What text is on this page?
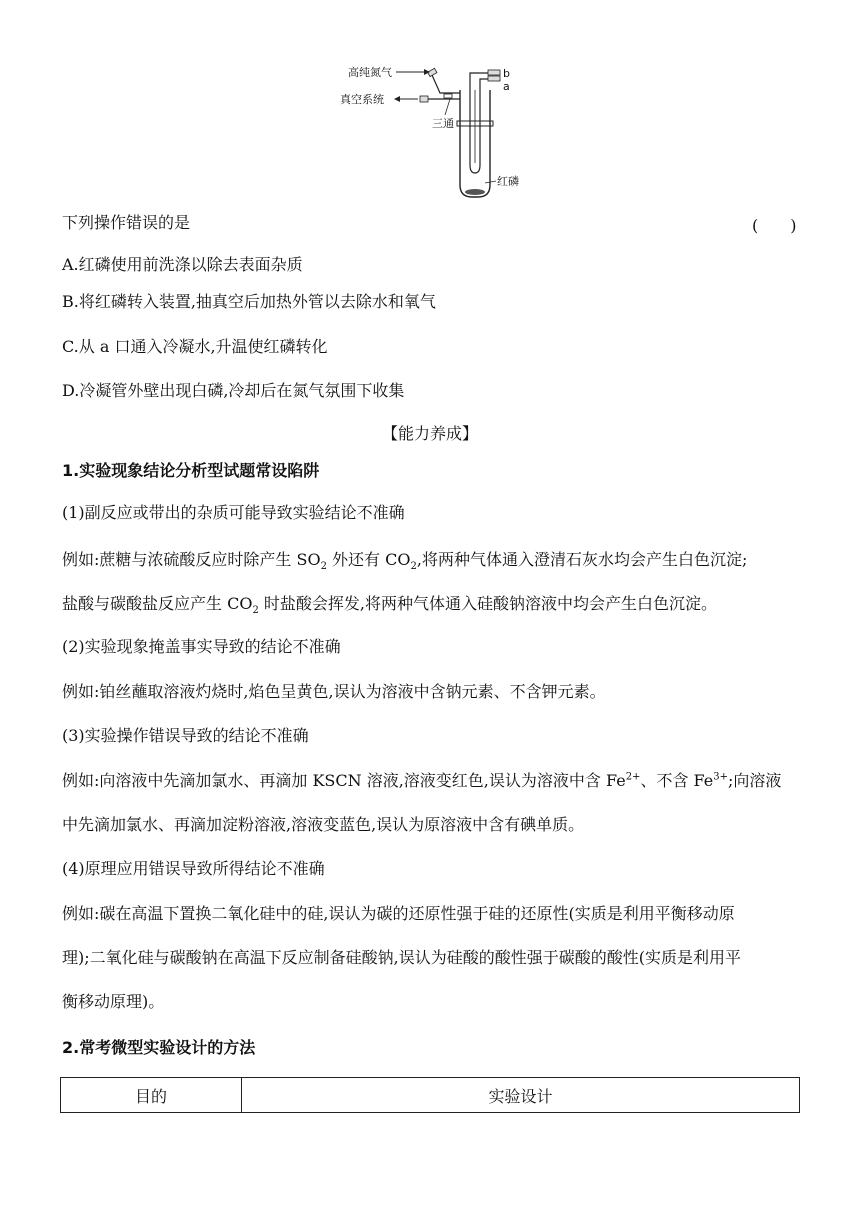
b
a
高纯氮气
真空系统
三通
红磷
下列操作错误的是	(　　)
A.红磷使用前洗涤以除去表面杂质
B.将红磷转入装置,抽真空后加热外管以去除水和氧气
C.从 a 口通入冷凝水,升温使红磷转化
D.冷凝管外壁出现白磷,冷却后在氮气氛围下收集
【能力养成】
1.实验现象结论分析型试题常设陷阱
(1)副反应或带出的杂质可能导致实验结论不准确
例如:蔗糖与浓硫酸反应时除产生 $SO_2$ 外还有 $CO_2$,将两种气体通入澄清石灰水均会产生白色沉淀;
盐酸与碳酸盐反应产生 $CO_2$ 时盐酸会挥发,将两种气体通入硅酸钠溶液中均会产生白色沉淀。
(2)实验现象掩盖事实导致的结论不准确
例如:铂丝蘸取溶液灼烧时,焰色呈黄色,误认为溶液中含钠元素、不含钾元素。
(3)实验操作错误导致的结论不准确
例如:向溶液中先滴加氯水、再滴加 KSCN 溶液,溶液变红色,误认为溶液中含 $Fe^{2+}$、不含 $Fe^{3+}$;向溶液
中先滴加氯水、再滴加淀粉溶液,溶液变蓝色,误认为原溶液中含有碘单质。
(4)原理应用错误导致所得结论不准确
例如:碳在高温下置换二氧化硅中的硅,误认为碳的还原性强于硅的还原性(实质是利用平衡移动原
理);二氧化硅与碳酸钠在高温下反应制备硅酸钠,误认为硅酸的酸性强于碳酸的酸性(实质是利用平
衡移动原理)。
2.常考微型实验设计的方法
目的	实验设计
